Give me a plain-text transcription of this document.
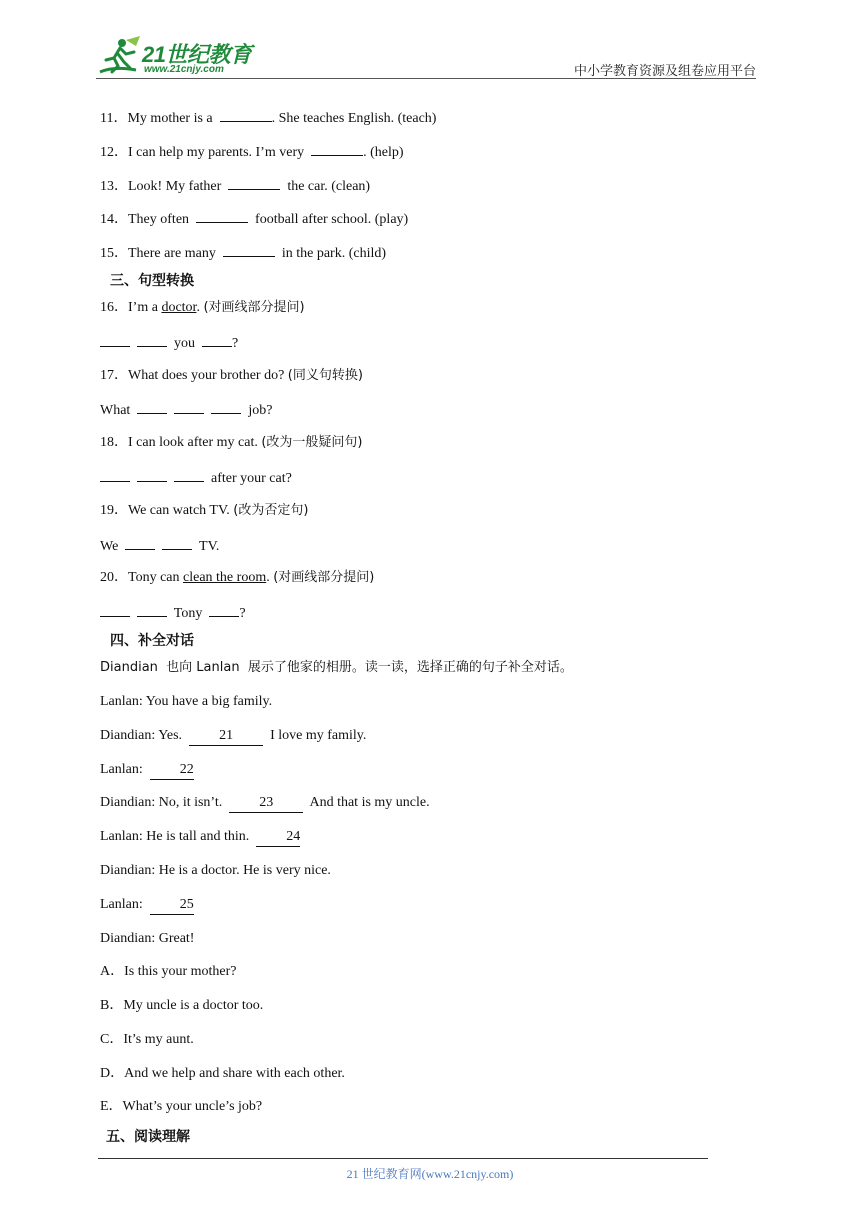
21世纪教育
www.21cnjy.com	中小学教育资源及组卷应用平台
11．My mother is a	. She teaches English. (teach)
12．I can help my parents. I’m very	. (help)
13．Look! My father	the car. (clean)
14．They often	football after school. (play)
15．There are many	in the park. (child)
三、句型转换
16．I’m a doctor. (对画线部分提问)
you  ?
17．What does your brother do? (同义句转换)
What	job?
18．I can look after my cat. (改为一般疑问句)
after your cat?
19．We can watch TV. (改为否定句)
We	TV.
20．Tony can clean the room. (对画线部分提问)
Tony  ?
四、补全对话
Diandian  也向 Lanlan  展示了他家的相册。读一读，选择正确的句子补全对话。
Lanlan: You have a big family.
Diandian: Yes.  21  I love my family.
Lanlan:  22
Diandian: No, it isn’t.  23  And that is my uncle.
Lanlan: He is tall and thin.  24
Diandian: He is a doctor. He is very nice.
Lanlan:  25
Diandian: Great!
A．Is this your mother?
B．My uncle is a doctor too.
C．It’s my aunt.
D．And we help and share with each other.
E．What’s your uncle’s job?
五、阅读理解
21 世纪教育网(www.21cnjy.com)
